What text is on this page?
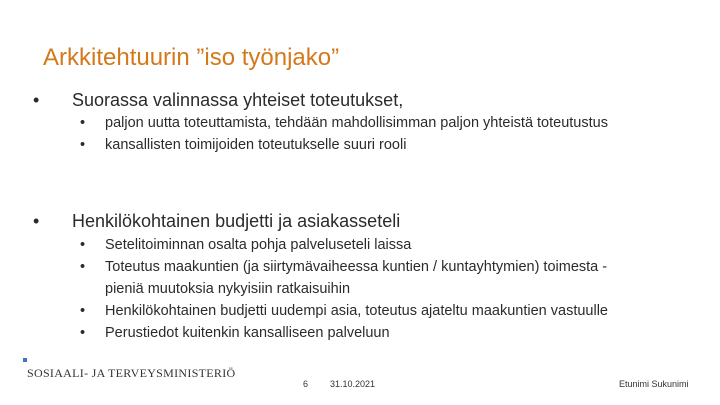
Arkkitehtuurin ”iso työnjako”
•	Suorassa valinnassa yhteiset toteutukset,
•	paljon uutta toteuttamista, tehdään mahdollisimman paljon yhteistä toteutustus
•	kansallisten toimijoiden toteutukselle suuri rooli
•	Henkilökohtainen budjetti ja asiakasseteli
•	Setelitoiminnan osalta pohja palveluseteli laissa
•	Toteutus maakuntien (ja siirtymävaiheessa kuntien / kuntayhtymien) toimesta -
pieniä muutoksia nykyisiin ratkaisuihin
•	Henkilökohtainen budjetti uudempi asia, toteutus ajateltu maakuntien vastuulle
•	Perustiedot kuitenkin kansalliseen palveluun
SOSIAALI- JA TERVEYSMINISTERIÖ
6 31.10.2021	Etunimi Sukunimi
